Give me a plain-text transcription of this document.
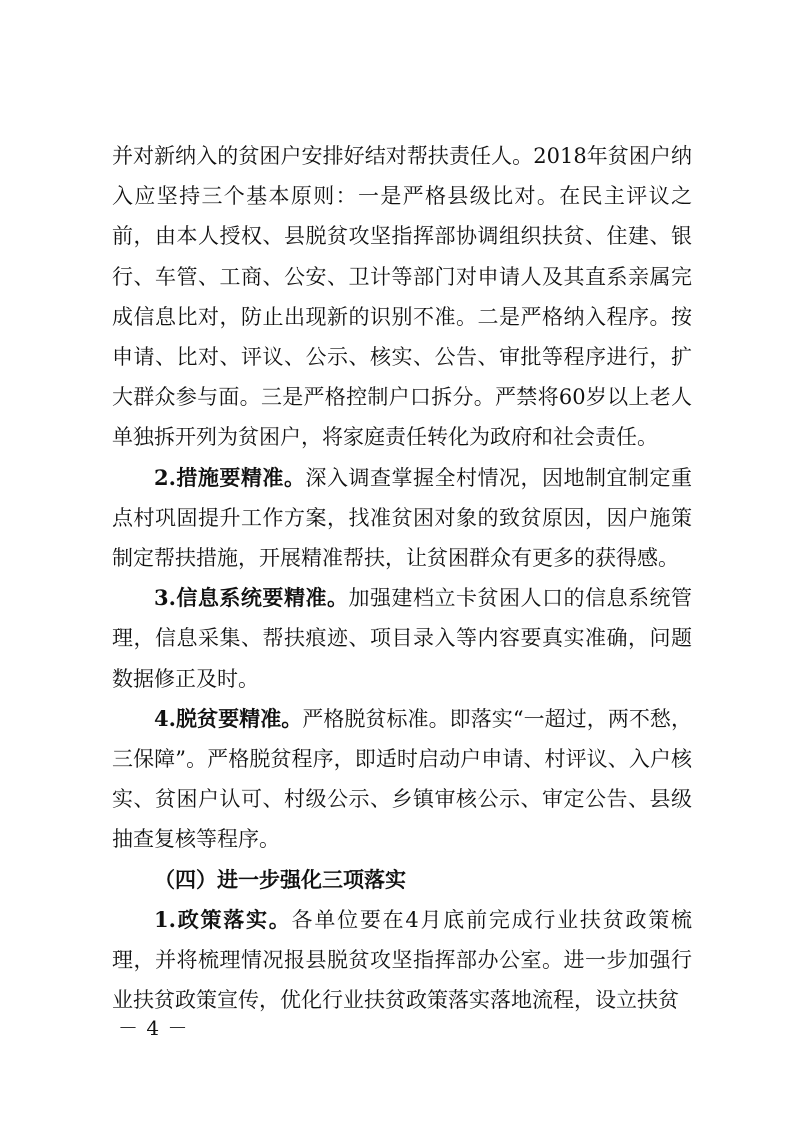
并对新纳入的贫困户安排好结对帮扶责任人。2018年贫困户纳入应坚持三个基本原则：一是严格县级比对。在民主评议之前，由本人授权、县脱贫攻坚指挥部协调组织扶贫、住建、银行、车管、工商、公安、卫计等部门对申请人及其直系亲属完成信息比对，防止出现新的识别不准。二是严格纳入程序。按申请、比对、评议、公示、核实、公告、审批等程序进行，扩大群众参与面。三是严格控制户口拆分。严禁将60岁以上老人单独拆开列为贫困户，将家庭责任转化为政府和社会责任。

2.措施要精准。深入调查掌握全村情况，因地制宜制定重点村巩固提升工作方案，找准贫困对象的致贫原因，因户施策制定帮扶措施，开展精准帮扶，让贫困群众有更多的获得感。

3.信息系统要精准。加强建档立卡贫困人口的信息系统管理，信息采集、帮扶痕迹、项目录入等内容要真实准确，问题数据修正及时。

4.脱贫要精准。严格脱贫标准。即落实“一超过，两不愁，三保障”。严格脱贫程序，即适时启动户申请、村评议、入户核实、贫困户认可、村级公示、乡镇审核公示、审定公告、县级抽查复核等程序。

（四）进一步强化三项落实

1.政策落实。各单位要在4月底前完成行业扶贫政策梳理，并将梳理情况报县脱贫攻坚指挥部办公室。进一步加强行业扶贫政策宣传，优化行业扶贫政策落实落地流程，设立扶贫

－ 4 －
